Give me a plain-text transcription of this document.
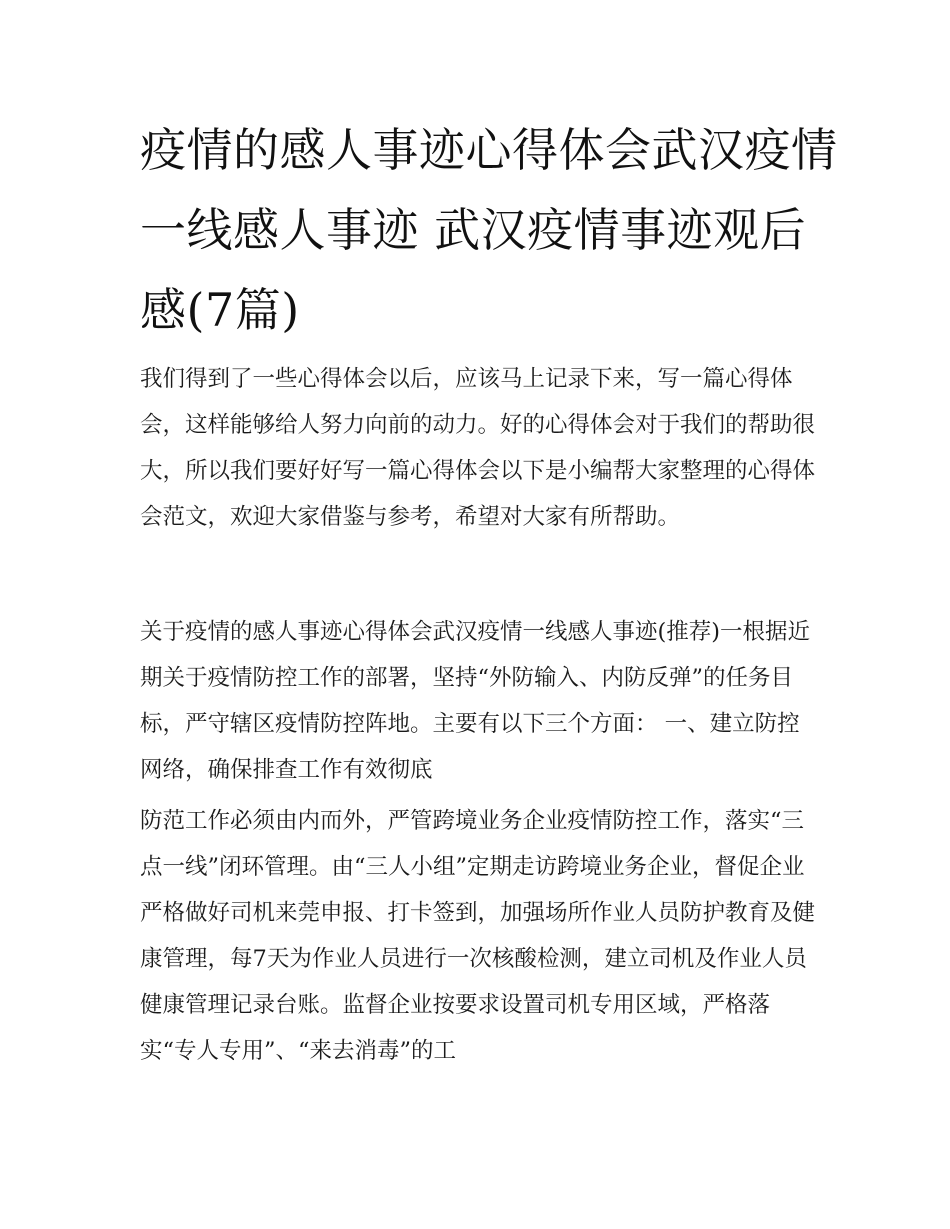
疫情的感人事迹心得体会武汉疫情一线感人事迹 武汉疫情事迹观后感(7篇)

我们得到了一些心得体会以后，应该马上记录下来，写一篇心得体会，这样能够给人努力向前的动力。好的心得体会对于我们的帮助很大，所以我们要好好写一篇心得体会以下是小编帮大家整理的心得体会范文，欢迎大家借鉴与参考，希望对大家有所帮助。

关于疫情的感人事迹心得体会武汉疫情一线感人事迹(推荐)一根据近期关于疫情防控工作的部署，坚持“外防输入、内防反弹”的任务目标，严守辖区疫情防控阵地。主要有以下三个方面： 一、建立防控网络，确保排查工作有效彻底

防范工作必须由内而外，严管跨境业务企业疫情防控工作，落实“三点一线”闭环管理。由“三人小组”定期走访跨境业务企业，督促企业严格做好司机来莞申报、打卡签到，加强场所作业人员防护教育及健康管理，每7天为作业人员进行一次核酸检测，建立司机及作业人员健康管理记录台账。监督企业按要求设置司机专用区域，严格落实“专人专用”、“来去消毒”的工
